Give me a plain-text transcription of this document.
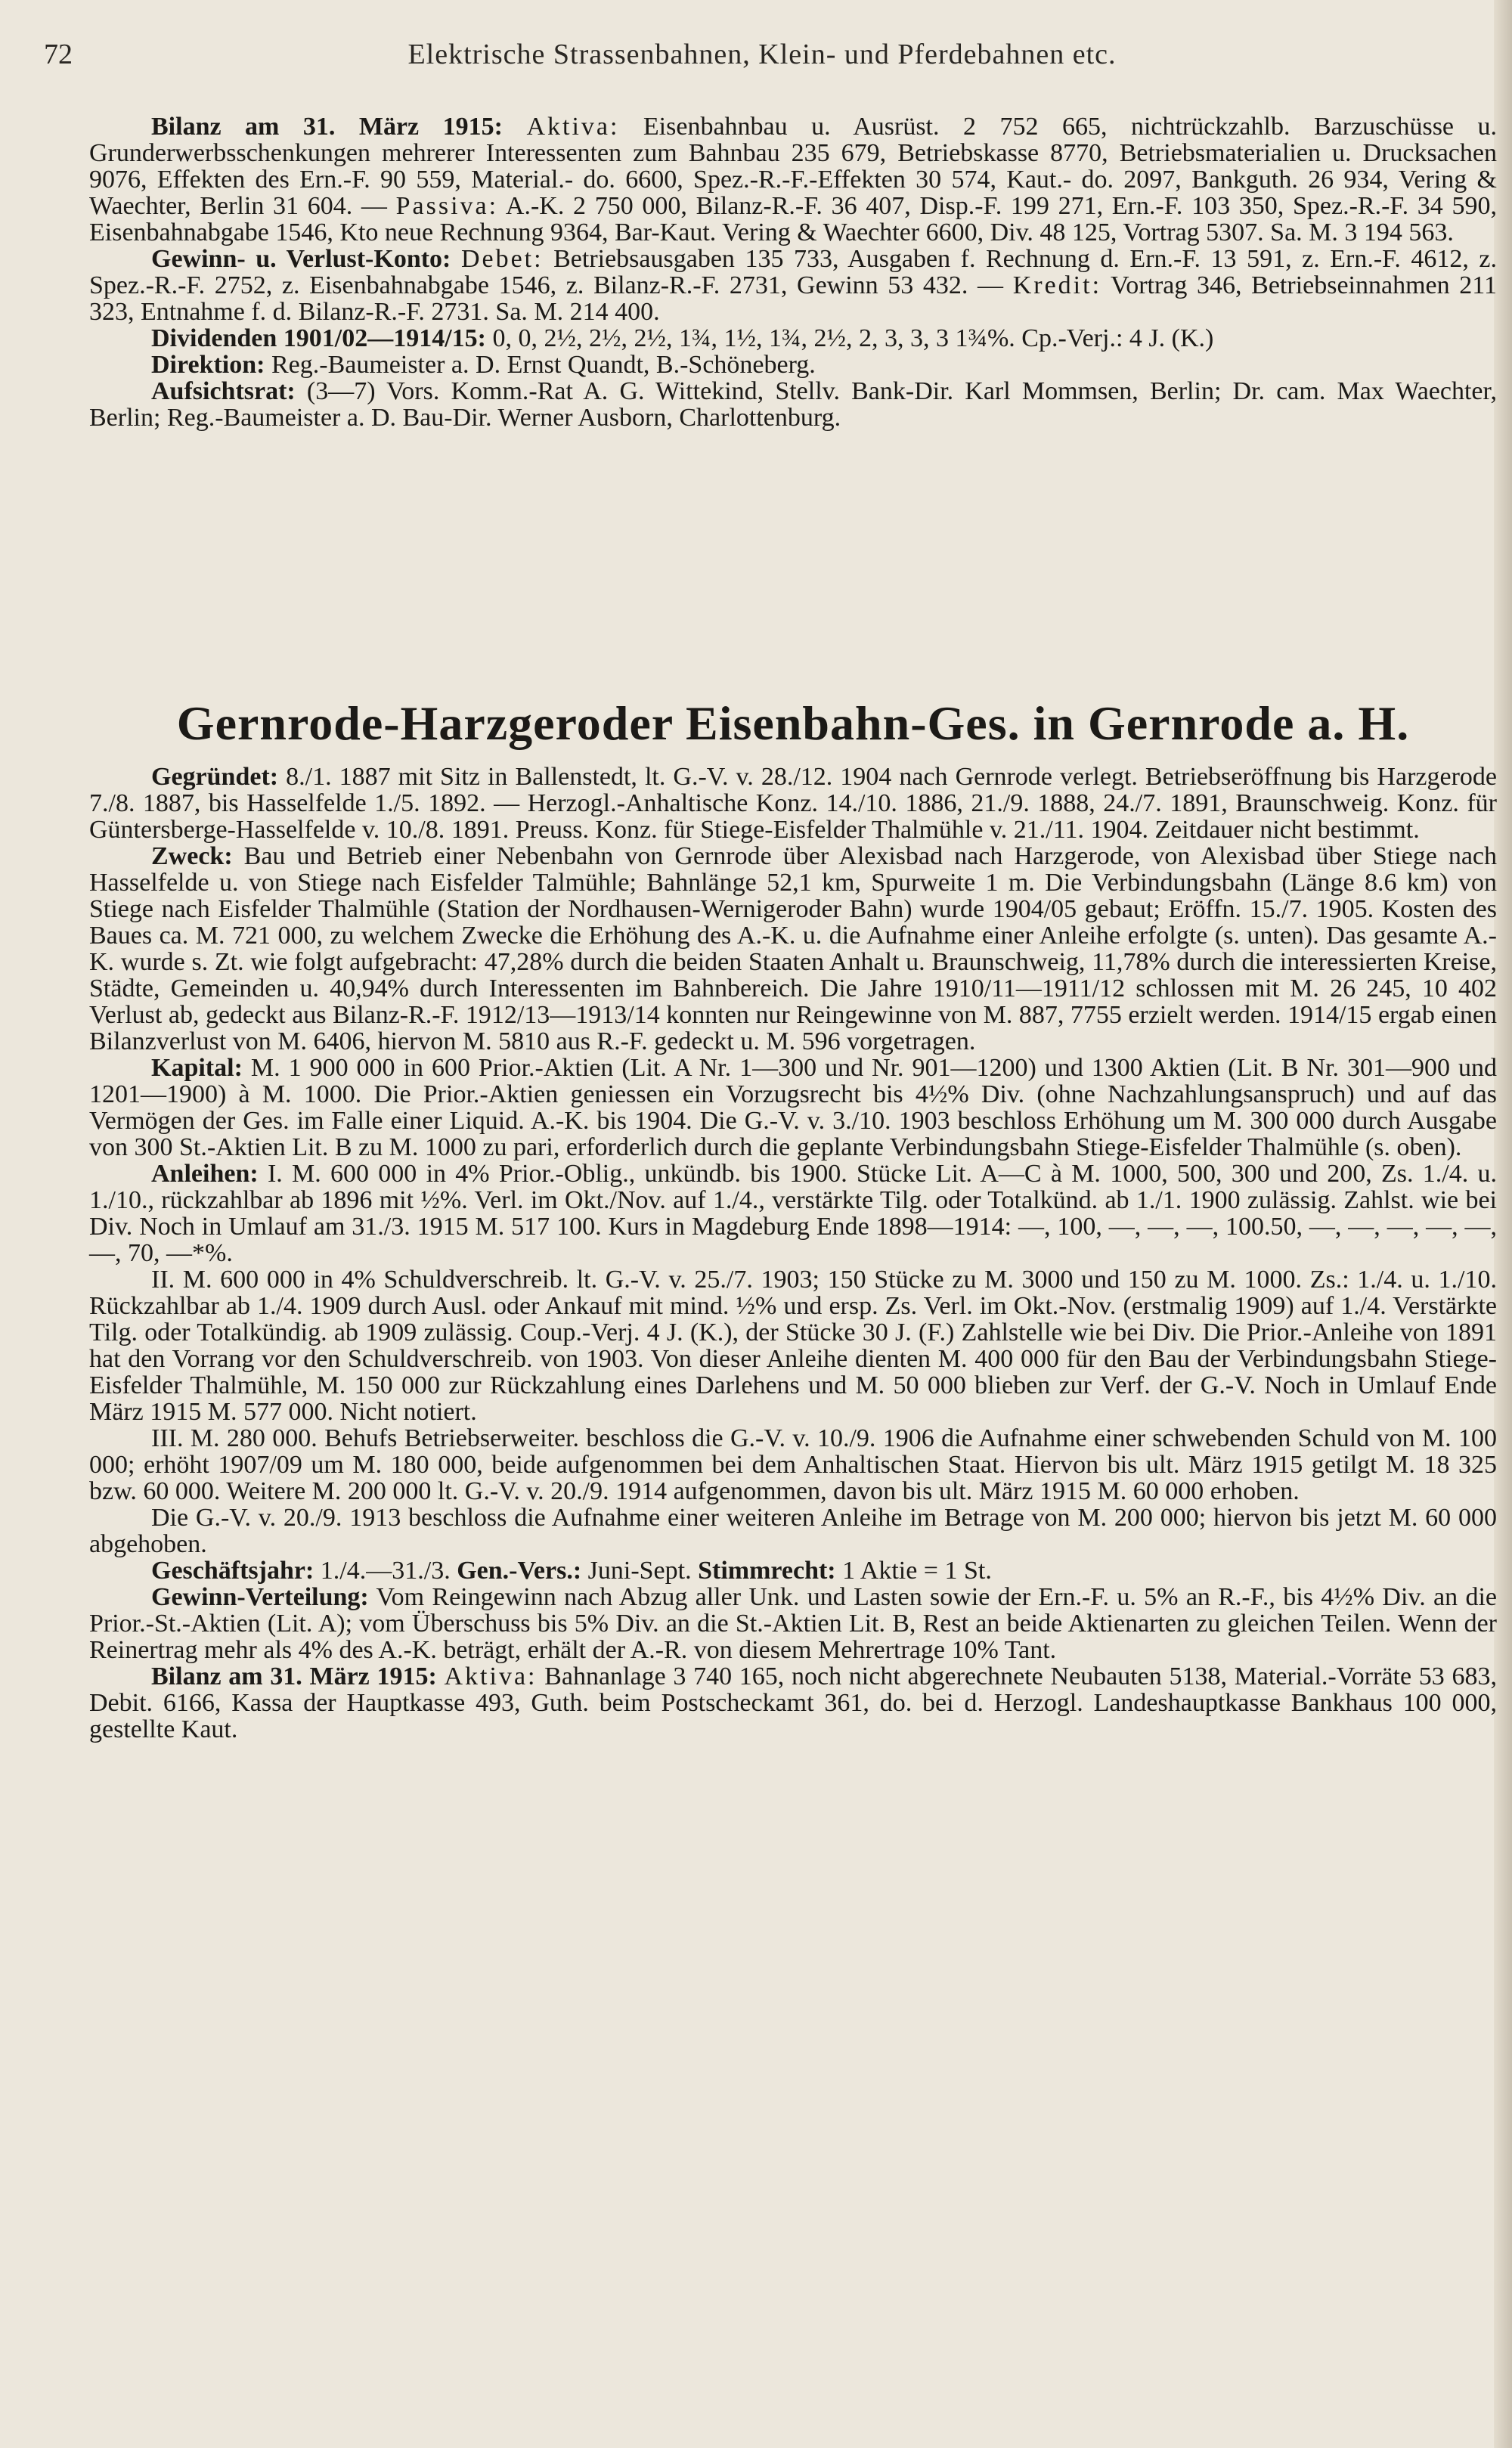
72	Elektrische Strassenbahnen, Klein- und Pferdebahnen etc.

Bilanz am 31. März 1915: Aktiva: Eisenbahnbau u. Ausrüst. 2 752 665, nichtrückzahlb. Barzuschüsse u. Grunderwerbsschenkungen mehrerer Interessenten zum Bahnbau 235 679, Betriebskasse 8770, Betriebsmaterialien u. Drucksachen 9076, Effekten des Ern.-F. 90 559, Material.- do. 6600, Spez.-R.-F.-Effekten 30 574, Kaut.- do. 2097, Bankguth. 26 934, Vering & Waechter, Berlin 31 604. — Passiva: A.-K. 2 750 000, Bilanz-R.-F. 36 407, Disp.-F. 199 271, Ern.-F. 103 350, Spez.-R.-F. 34 590, Eisenbahnabgabe 1546, Kto neue Rechnung 9364, Bar-Kaut. Vering & Waechter 6600, Div. 48 125, Vortrag 5307. Sa. M. 3 194 563.

Gewinn- u. Verlust-Konto: Debet: Betriebsausgaben 135 733, Ausgaben f. Rechnung d. Ern.-F. 13 591, z. Ern.-F. 4612, z. Spez.-R.-F. 2752, z. Eisenbahnabgabe 1546, z. Bilanz-R.-F. 2731, Gewinn 53 432. — Kredit: Vortrag 346, Betriebseinnahmen 211 323, Entnahme f. d. Bilanz-R.-F. 2731. Sa. M. 214 400.

Dividenden 1901/02—1914/15: 0, 0, 2½, 2½, 2½, 1¾, 1½, 1¾, 2½, 2, 3, 3, 3 1¾%. Cp.-Verj.: 4 J. (K.)

Direktion: Reg.-Baumeister a. D. Ernst Quandt, B.-Schöneberg.

Aufsichtsrat: (3—7) Vors. Komm.-Rat A. G. Wittekind, Stellv. Bank-Dir. Karl Mommsen, Berlin; Dr. cam. Max Waechter, Berlin; Reg.-Baumeister a. D. Bau-Dir. Werner Ausborn, Charlottenburg.

Gernrode-Harzgeroder Eisenbahn-Ges. in Gernrode a. H.

Gegründet: 8./1. 1887 mit Sitz in Ballenstedt, lt. G.-V. v. 28./12. 1904 nach Gernrode verlegt. Betriebseröffnung bis Harzgerode 7./8. 1887, bis Hasselfelde 1./5. 1892. — Herzogl.-Anhaltische Konz. 14./10. 1886, 21./9. 1888, 24./7. 1891, Braunschweig. Konz. für Güntersberge-Hasselfelde v. 10./8. 1891. Preuss. Konz. für Stiege-Eisfelder Thalmühle v. 21./11. 1904. Zeitdauer nicht bestimmt.

Zweck: Bau und Betrieb einer Nebenbahn von Gernrode über Alexisbad nach Harzgerode, von Alexisbad über Stiege nach Hasselfelde u. von Stiege nach Eisfelder Talmühle; Bahnlänge 52,1 km, Spurweite 1 m. Die Verbindungsbahn (Länge 8.6 km) von Stiege nach Eisfelder Thalmühle (Station der Nordhausen-Wernigeroder Bahn) wurde 1904/05 gebaut; Eröffn. 15./7. 1905. Kosten des Baues ca. M. 721 000, zu welchem Zwecke die Erhöhung des A.-K. u. die Aufnahme einer Anleihe erfolgte (s. unten). Das gesamte A.-K. wurde s. Zt. wie folgt aufgebracht: 47,28% durch die beiden Staaten Anhalt u. Braunschweig, 11,78% durch die interessierten Kreise, Städte, Gemeinden u. 40,94% durch Interessenten im Bahnbereich. Die Jahre 1910/11—1911/12 schlossen mit M. 26 245, 10 402 Verlust ab, gedeckt aus Bilanz-R.-F. 1912/13—1913/14 konnten nur Reingewinne von M. 887, 7755 erzielt werden. 1914/15 ergab einen Bilanzverlust von M. 6406, hiervon M. 5810 aus R.-F. gedeckt u. M. 596 vorgetragen.

Kapital: M. 1 900 000 in 600 Prior.-Aktien (Lit. A Nr. 1—300 und Nr. 901—1200) und 1300 Aktien (Lit. B Nr. 301—900 und 1201—1900) à M. 1000. Die Prior.-Aktien geniessen ein Vorzugsrecht bis 4½% Div. (ohne Nachzahlungsanspruch) und auf das Vermögen der Ges. im Falle einer Liquid. A.-K. bis 1904. Die G.-V. v. 3./10. 1903 beschloss Erhöhung um M. 300 000 durch Ausgabe von 300 St.-Aktien Lit. B zu M. 1000 zu pari, erforderlich durch die geplante Verbindungsbahn Stiege-Eisfelder Thalmühle (s. oben).

Anleihen: I. M. 600 000 in 4% Prior.-Oblig., unkündb. bis 1900. Stücke Lit. A—C à M. 1000, 500, 300 und 200, Zs. 1./4. u. 1./10., rückzahlbar ab 1896 mit ½%. Verl. im Okt./Nov. auf 1./4., verstärkte Tilg. oder Totalkünd. ab 1./1. 1900 zulässig. Zahlst. wie bei Div. Noch in Umlauf am 31./3. 1915 M. 517 100. Kurs in Magdeburg Ende 1898—1914: —, 100, —, —, —, 100.50, —, —, —, —, —, —, 70, —*%.

II. M. 600 000 in 4% Schuldverschreib. lt. G.-V. v. 25./7. 1903; 150 Stücke zu M. 3000 und 150 zu M. 1000. Zs.: 1./4. u. 1./10. Rückzahlbar ab 1./4. 1909 durch Ausl. oder Ankauf mit mind. ½% und ersp. Zs. Verl. im Okt.-Nov. (erstmalig 1909) auf 1./4. Verstärkte Tilg. oder Totalkündig. ab 1909 zulässig. Coup.-Verj. 4 J. (K.), der Stücke 30 J. (F.) Zahlstelle wie bei Div. Die Prior.-Anleihe von 1891 hat den Vorrang vor den Schuldverschreib. von 1903. Von dieser Anleihe dienten M. 400 000 für den Bau der Verbindungsbahn Stiege-Eisfelder Thalmühle, M. 150 000 zur Rückzahlung eines Darlehens und M. 50 000 blieben zur Verf. der G.-V. Noch in Umlauf Ende März 1915 M. 577 000. Nicht notiert.

III. M. 280 000. Behufs Betriebserweiter. beschloss die G.-V. v. 10./9. 1906 die Aufnahme einer schwebenden Schuld von M. 100 000; erhöht 1907/09 um M. 180 000, beide aufgenommen bei dem Anhaltischen Staat. Hiervon bis ult. März 1915 getilgt M. 18 325 bzw. 60 000. Weitere M. 200 000 lt. G.-V. v. 20./9. 1914 aufgenommen, davon bis ult. März 1915 M. 60 000 erhoben.

Die G.-V. v. 20./9. 1913 beschloss die Aufnahme einer weiteren Anleihe im Betrage von M. 200 000; hiervon bis jetzt M. 60 000 abgehoben.

Geschäftsjahr: 1./4.—31./3. Gen.-Vers.: Juni-Sept. Stimmrecht: 1 Aktie = 1 St.

Gewinn-Verteilung: Vom Reingewinn nach Abzug aller Unk. und Lasten sowie der Ern.-F. u. 5% an R.-F., bis 4½% Div. an die Prior.-St.-Aktien (Lit. A); vom Überschuss bis 5% Div. an die St.-Aktien Lit. B, Rest an beide Aktienarten zu gleichen Teilen. Wenn der Reinertrag mehr als 4% des A.-K. beträgt, erhält der A.-R. von diesem Mehrertrage 10% Tant.

Bilanz am 31. März 1915: Aktiva: Bahnanlage 3 740 165, noch nicht abgerechnete Neubauten 5138, Material.-Vorräte 53 683, Debit. 6166, Kassa der Hauptkasse 493, Guth. beim Postscheckamt 361, do. bei d. Herzogl. Landeshauptkasse Bankhaus 100 000, gestellte Kaut.
